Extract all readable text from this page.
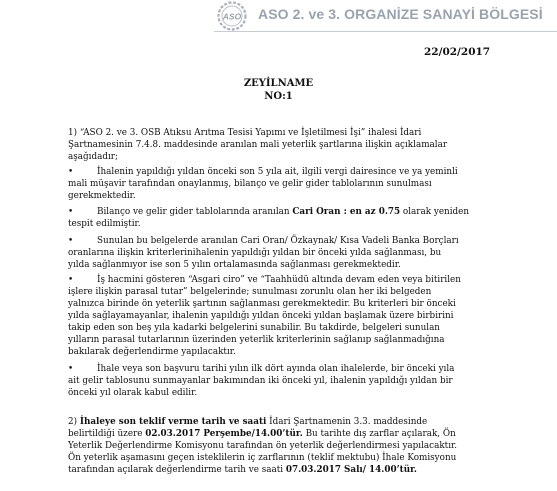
ASO ASO 2. ve 3. ORGANİZE SANAYİ BÖLGESİ
22/02/2017
ZEYİLNAME
NO:1
1) “ASO 2. ve 3. OSB Atıksu Arıtma Tesisi Yapımı ve İşletilmesi İşi” ihalesi İdari
Şartnamesinin 7.4.8. maddesinde aranılan mali yeterlik şartlarına ilişkin açıklamalar
aşağıdadır;
•	İhalenin yapıldığı yıldan önceki son 5 yıla ait, ilgili vergi dairesince ve ya yeminli
mali müşavir tarafından onaylanmış, bilanço ve gelir gider tablolarının sunulması
gerekmektedir.
•	Bilanço ve gelir gider tablolarında aranılan Cari Oran : en az 0.75 olarak yeniden
tespit edilmiştir.
•	Sunulan bu belgelerde aranılan Cari Oran/ Özkaynak/ Kısa Vadeli Banka Borçları
oranlarına ilişkin kriterlerinihalenin yapıldığı yıldan bir önceki yılda sağlanması, bu
yılda sağlanmıyor ise son 5 yılın ortalamasında sağlanması gerekmektedir.
•	İş hacmini gösteren “Asgari ciro” ve “Taahhüdü altında devam eden veya bitirilen
işlere ilişkin parasal tutar” belgelerinde; sunulması zorunlu olan her iki belgeden
yalnızca birinde ön yeterlik şartının sağlanması gerekmektedir. Bu kriterleri bir önceki
yılda sağlayamayanlar, ihalenin yapıldığı yıldan önceki yıldan başlamak üzere birbirini
takip eden son beş yıla kadarki belgelerini sunabilir. Bu takdirde, belgeleri sunulan
yılların parasal tutarlarının üzerinden yeterlik kriterlerinin sağlanıp sağlanmadığına
bakılarak değerlendirme yapılacaktır.
•	İhale veya son başvuru tarihi yılın ilk dört ayında olan ihalelerde, bir önceki yıla
ait gelir tablosunu sunmayanlar bakımından iki önceki yıl, ihalenin yapıldığı yıldan bir
önceki yıl olarak kabul edilir.
2) İhaleye son teklif verme tarih ve saati İdari Şartnamenin 3.3. maddesinde
belirtildiği üzere 02.03.2017 Perşembe/14.00’tür. Bu tarihte dış zarflar açılarak, Ön
Yeterlik Değerlendirme Komisyonu tarafından ön yeterlik değerlendirmesi yapılacaktır.
Ön yeterlik aşamasını geçen isteklilerin iç zarflarının (teklif mektubu) İhale Komisyonu
tarafından açılarak değerlendirme tarih ve saati 07.03.2017 Salı/ 14.00’tür.
